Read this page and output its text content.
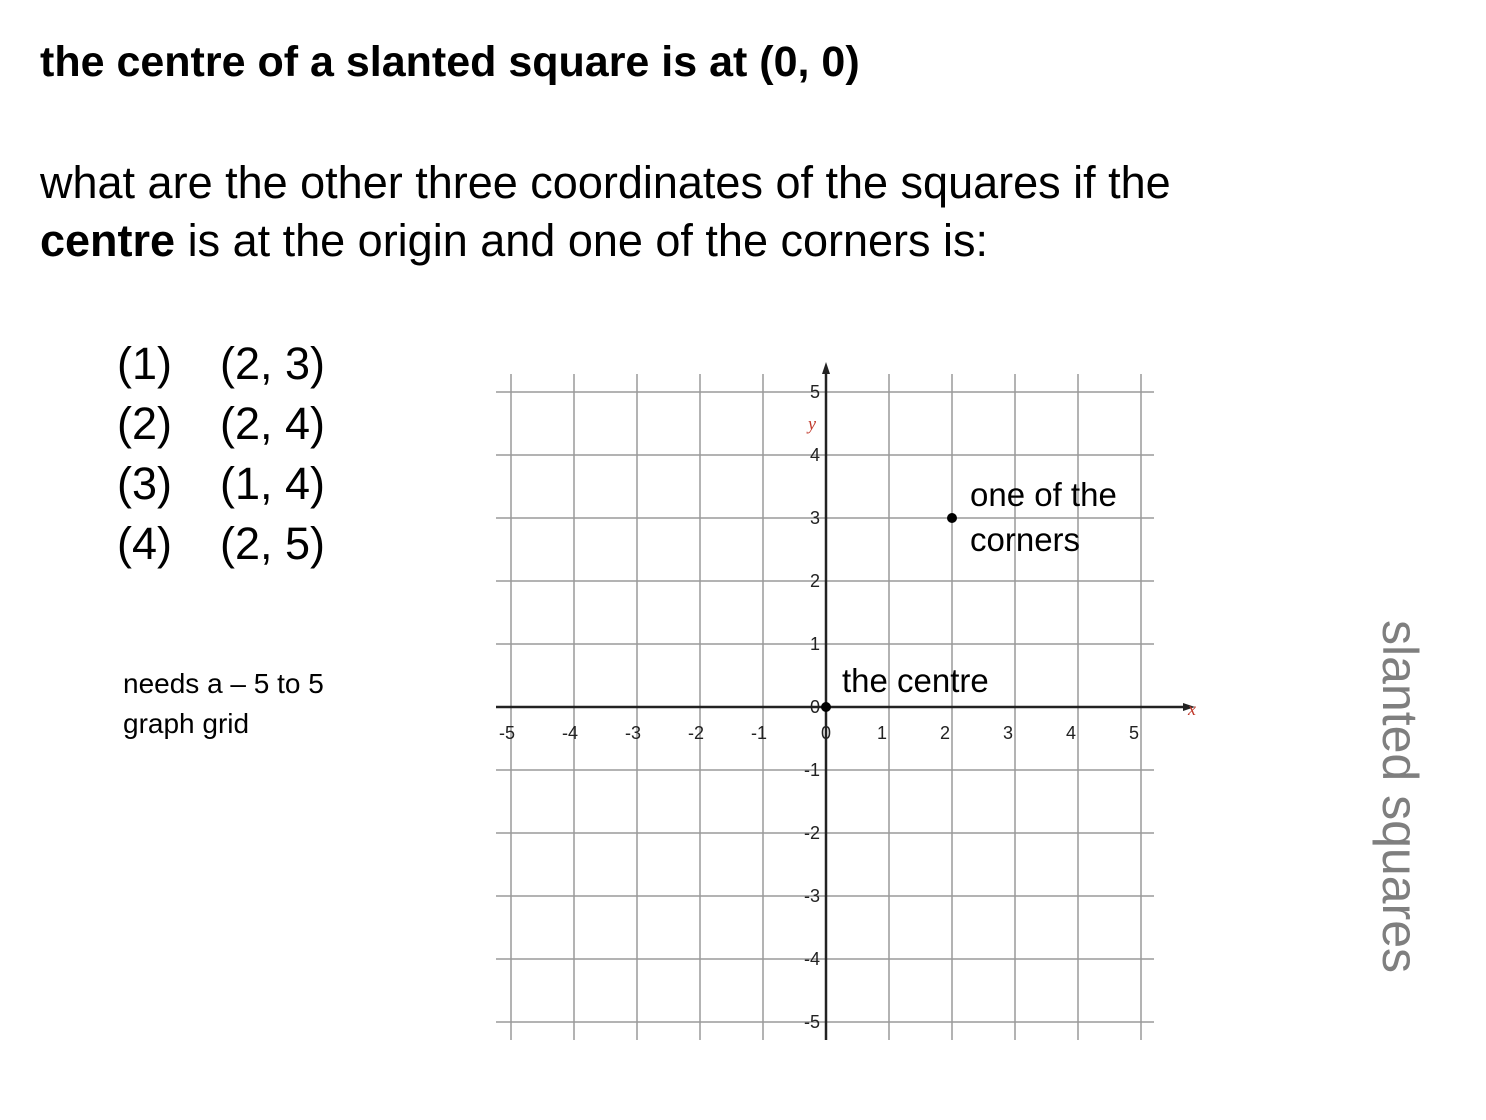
the centre of a slanted square is at (0, 0)
what are the other three coordinates of the squares if the
centre is at the origin and one of the corners is:
(1)	(2, 3)
(2)	(2, 4)
(3)	(1, 4)
(4)	(2, 5)
needs a – 5 to 5
graph grid	slanted squares
x
y
-5	-4	-3	-2	-1	0	1	2	3	4	5
5
4
3
2
1
0
-1
-2
-3
-4
-5
the centre
one of the
corners
